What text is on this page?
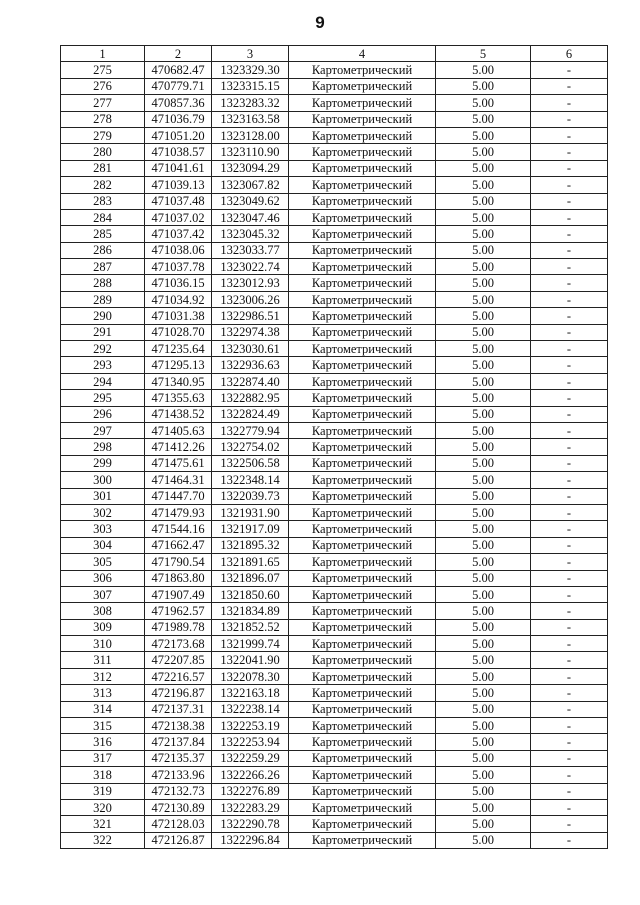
9
1	2	3	4	5	6
275	470682.47	1323329.30	Картометрический	5.00	-
276	470779.71	1323315.15	Картометрический	5.00	-
277	470857.36	1323283.32	Картометрический	5.00	-
278	471036.79	1323163.58	Картометрический	5.00	-
279	471051.20	1323128.00	Картометрический	5.00	-
280	471038.57	1323110.90	Картометрический	5.00	-
281	471041.61	1323094.29	Картометрический	5.00	-
282	471039.13	1323067.82	Картометрический	5.00	-
283	471037.48	1323049.62	Картометрический	5.00	-
284	471037.02	1323047.46	Картометрический	5.00	-
285	471037.42	1323045.32	Картометрический	5.00	-
286	471038.06	1323033.77	Картометрический	5.00	-
287	471037.78	1323022.74	Картометрический	5.00	-
288	471036.15	1323012.93	Картометрический	5.00	-
289	471034.92	1323006.26	Картометрический	5.00	-
290	471031.38	1322986.51	Картометрический	5.00	-
291	471028.70	1322974.38	Картометрический	5.00	-
292	471235.64	1323030.61	Картометрический	5.00	-
293	471295.13	1322936.63	Картометрический	5.00	-
294	471340.95	1322874.40	Картометрический	5.00	-
295	471355.63	1322882.95	Картометрический	5.00	-
296	471438.52	1322824.49	Картометрический	5.00	-
297	471405.63	1322779.94	Картометрический	5.00	-
298	471412.26	1322754.02	Картометрический	5.00	-
299	471475.61	1322506.58	Картометрический	5.00	-
300	471464.31	1322348.14	Картометрический	5.00	-
301	471447.70	1322039.73	Картометрический	5.00	-
302	471479.93	1321931.90	Картометрический	5.00	-
303	471544.16	1321917.09	Картометрический	5.00	-
304	471662.47	1321895.32	Картометрический	5.00	-
305	471790.54	1321891.65	Картометрический	5.00	-
306	471863.80	1321896.07	Картометрический	5.00	-
307	471907.49	1321850.60	Картометрический	5.00	-
308	471962.57	1321834.89	Картометрический	5.00	-
309	471989.78	1321852.52	Картометрический	5.00	-
310	472173.68	1321999.74	Картометрический	5.00	-
311	472207.85	1322041.90	Картометрический	5.00	-
312	472216.57	1322078.30	Картометрический	5.00	-
313	472196.87	1322163.18	Картометрический	5.00	-
314	472137.31	1322238.14	Картометрический	5.00	-
315	472138.38	1322253.19	Картометрический	5.00	-
316	472137.84	1322253.94	Картометрический	5.00	-
317	472135.37	1322259.29	Картометрический	5.00	-
318	472133.96	1322266.26	Картометрический	5.00	-
319	472132.73	1322276.89	Картометрический	5.00	-
320	472130.89	1322283.29	Картометрический	5.00	-
321	472128.03	1322290.78	Картометрический	5.00	-
322	472126.87	1322296.84	Картометрический	5.00	-
